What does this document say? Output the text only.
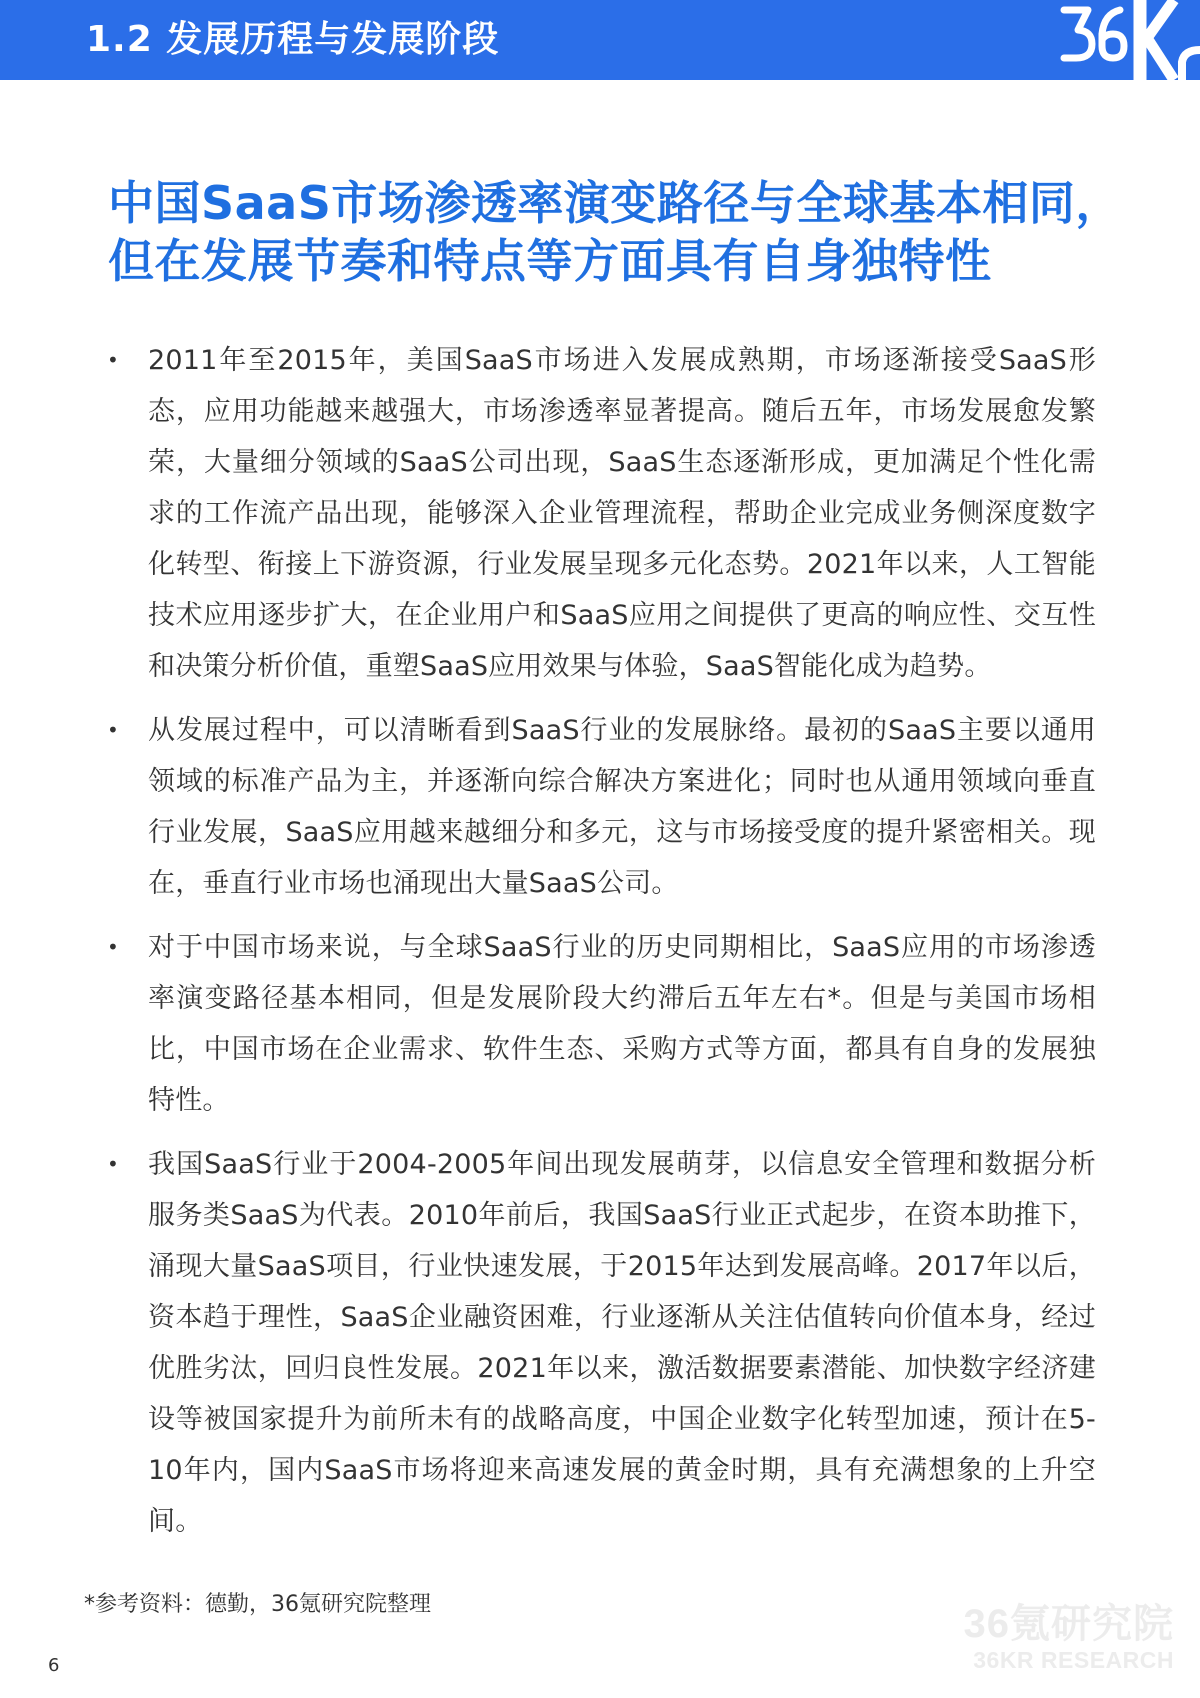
1.2 发展历程与发展阶段
中国SaaS市场渗透率演变路径与全球基本相同，
但在发展节奏和特点等方面具有自身独特性
• 2011年至2015年，美国SaaS市场进入发展成熟期，市场逐渐接受SaaS形态，应用功能越来越强大，市场渗透率显著提高。随后五年，市场发展愈发繁荣，大量细分领域的SaaS公司出现，SaaS生态逐渐形成，更加满足个性化需求的工作流产品出现，能够深入企业管理流程，帮助企业完成业务侧深度数字化转型、衔接上下游资源，行业发展呈现多元化态势。2021年以来，人工智能技术应用逐步扩大，在企业用户和SaaS应用之间提供了更高的响应性、交互性和决策分析价值，重塑SaaS应用效果与体验，SaaS智能化成为趋势。
• 从发展过程中，可以清晰看到SaaS行业的发展脉络。最初的SaaS主要以通用领域的标准产品为主，并逐渐向综合解决方案进化；同时也从通用领域向垂直行业发展，SaaS应用越来越细分和多元，这与市场接受度的提升紧密相关。现在，垂直行业市场也涌现出大量SaaS公司。
• 对于中国市场来说，与全球SaaS行业的历史同期相比，SaaS应用的市场渗透率演变路径基本相同，但是发展阶段大约滞后五年左右*。但是与美国市场相比，中国市场在企业需求、软件生态、采购方式等方面，都具有自身的发展独特性。
• 我国SaaS行业于2004-2005年间出现发展萌芽，以信息安全管理和数据分析服务类SaaS为代表。2010年前后，我国SaaS行业正式起步，在资本助推下，涌现大量SaaS项目，行业快速发展，于2015年达到发展高峰。2017年以后，资本趋于理性，SaaS企业融资困难，行业逐渐从关注估值转向价值本身，经过优胜劣汰，回归良性发展。2021年以来，激活数据要素潜能、加快数字经济建设等被国家提升为前所未有的战略高度，中国企业数字化转型加速，预计在5-10年内，国内SaaS市场将迎来高速发展的黄金时期，具有充满想象的上升空间。
*参考资料：德勤，36氪研究院整理
6
36氪研究院
36KR RESEARCH
